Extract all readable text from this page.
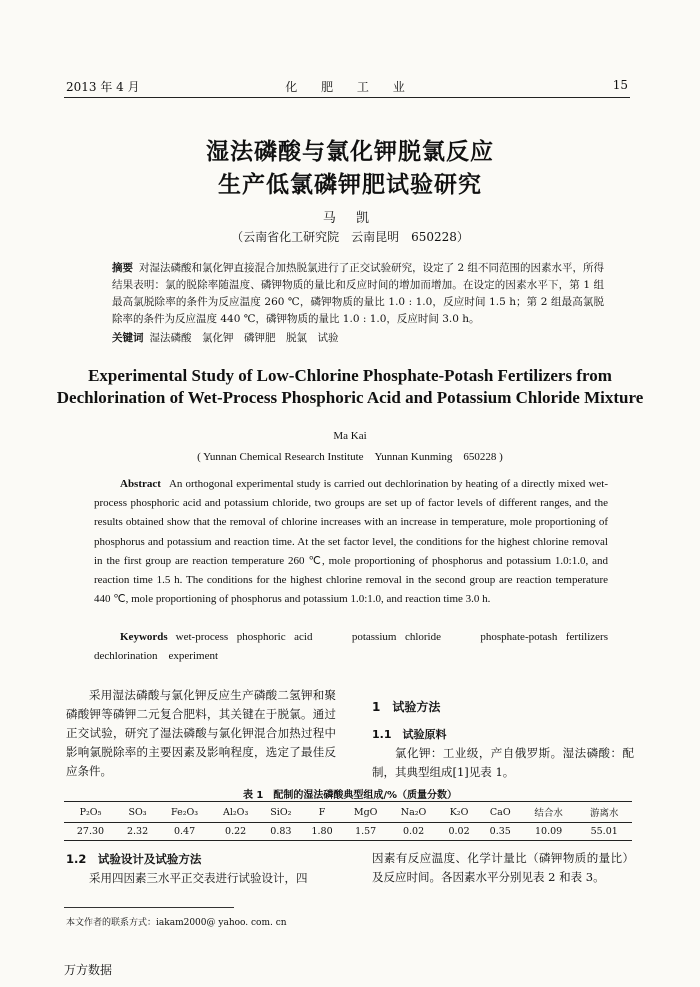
2013 年 4 月	化 肥 工 业	15
湿法磷酸与氯化钾脱氯反应
生产低氯磷钾肥试验研究
马 凯
（云南省化工研究院　云南昆明　650228）
摘要 对湿法磷酸和氯化钾直接混合加热脱氯进行了正交试验研究，设定了 2 组不同范围的因素水平，所得结果表明：氯的脱除率随温度、磷钾物质的量比和反应时间的增加而增加。在设定的因素水平下，第 1 组最高氯脱除率的条件为反应温度 260 ℃，磷钾物质的量比 1.0 : 1.0，反应时间 1.5 h；第 2 组最高氯脱除率的条件为反应温度 440 ℃，磷钾物质的量比 1.0 : 1.0，反应时间 3.0 h。
关键词 湿法磷酸　氯化钾　磷钾肥　脱氯　试验
Experimental Study of Low-Chlorine Phosphate-Potash Fertilizers from
Dechlorination of Wet-Process Phosphoric Acid and Potassium Chloride Mixture
Ma Kai
( Yunnan Chemical Research Institute　Yunnan Kunming　650228 )
Abstract An orthogonal experimental study is carried out dechlorination by heating of a directly mixed wet-process phosphoric acid and potassium chloride, two groups are set up of factor levels of different ranges, and the results obtained show that the removal of chlorine increases with an increase in temperature, mole proportioning of phosphorus and potassium and reaction time. At the set factor level, the conditions for the highest chlorine removal in the first group are reaction temperature 260 ℃, mole proportioning of phosphorus and potassium 1.0:1.0, and reaction time 1.5 h. The conditions for the highest chlorine removal in the second group are reaction temperature 440 ℃, mole proportioning of phosphorus and potassium 1.0:1.0, and reaction time 3.0 h.
Keywords wet-process phosphoric acid　　potassium chloride　　phosphate-potash fertilizers　dechlorination　experiment
采用湿法磷酸与氯化钾反应生产磷酸二氢钾和聚磷酸钾等磷钾二元复合肥料，其关键在于脱氯。通过正交试验，研究了湿法磷酸与氯化钾混合加热过程中影响氯脱除率的主要因素及影响程度，选定了最佳反应条件。
1　试验方法
1.1　试验原料
氯化钾：工业级，产自俄罗斯。湿法磷酸：配制，其典型组成[1]见表 1。
表 1　配制的湿法磷酸典型组成/%（质量分数）
P₂O₅	SO₃	Fe₂O₃	Al₂O₃	SiO₂	F	MgO	Na₂O	K₂O	CaO	结合水	游离水
27.30	2.32	0.47	0.22	0.83	1.80	1.57	0.02	0.02	0.35	10.09	55.01
1.2　试验设计及试验方法
采用四因素三水平正交表进行试验设计，四
因素有反应温度、化学计量比（磷钾物质的量比）及反应时间。各因素水平分别见表 2 和表 3。
本文作者的联系方式：iakam2000@ yahoo. com. cn
万方数据
